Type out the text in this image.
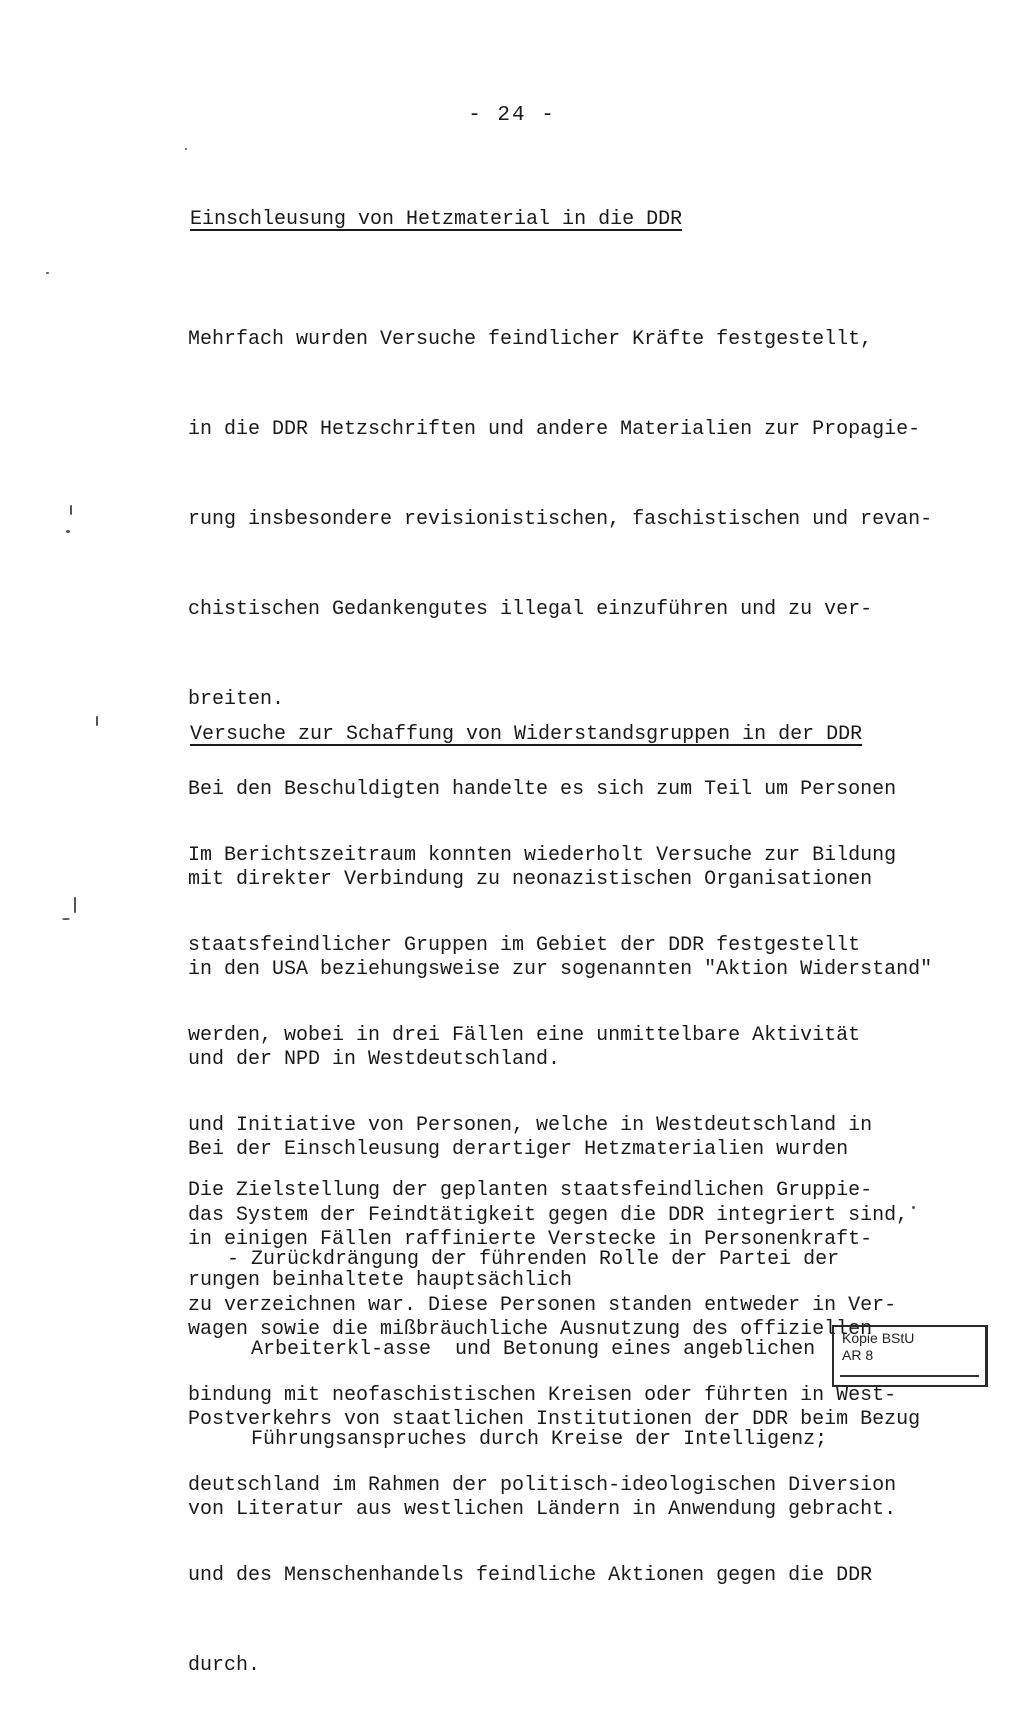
- 24 -
Einschleusung von Hetzmaterial in die DDR

Mehrfach wurden Versuche feindlicher Kräfte festgestellt,

in die DDR Hetzschriften und andere Materialien zur Propagie-

rung insbesondere revisionistischen, faschistischen und revan-

chistischen Gedankengutes illegal einzuführen und zu ver-

breiten.

Bei den Beschuldigten handelte es sich zum Teil um Personen

mit direkter Verbindung zu neonazistischen Organisationen

in den USA beziehungsweise zur sogenannten "Aktion Widerstand"

und der NPD in Westdeutschland.

Bei der Einschleusung derartiger Hetzmaterialien wurden

in einigen Fällen raffinierte Verstecke in Personenkraft-

wagen sowie die mißbräuchliche Ausnutzung des offiziellen

Postverkehrs von staatlichen Institutionen der DDR beim Bezug

von Literatur aus westlichen Ländern in Anwendung gebracht.

Versuche zur Schaffung von Widerstandsgruppen in der DDR

Im Berichtszeitraum konnten wiederholt Versuche zur Bildung

staatsfeindlicher Gruppen im Gebiet der DDR festgestellt

werden, wobei in drei Fällen eine unmittelbare Aktivität

und Initiative von Personen, welche in Westdeutschland in

das System der Feindtätigkeit gegen die DDR integriert sind,

zu verzeichnen war. Diese Personen standen entweder in Ver-

bindung mit neofaschistischen Kreisen oder führten in West-

deutschland im Rahmen der politisch-ideologischen Diversion

und des Menschenhandels feindliche Aktionen gegen die DDR

durch.

Die Zielstellung der geplanten staatsfeindlichen Gruppie-

rungen beinhaltete hauptsächlich

- Zurückdrängung der führenden Rolle der Partei der

Arbeiterkl-asse  und Betonung eines angeblichen

Führungsanspruches durch Kreise der Intelligenz;

Kopie BStU
AR 8
